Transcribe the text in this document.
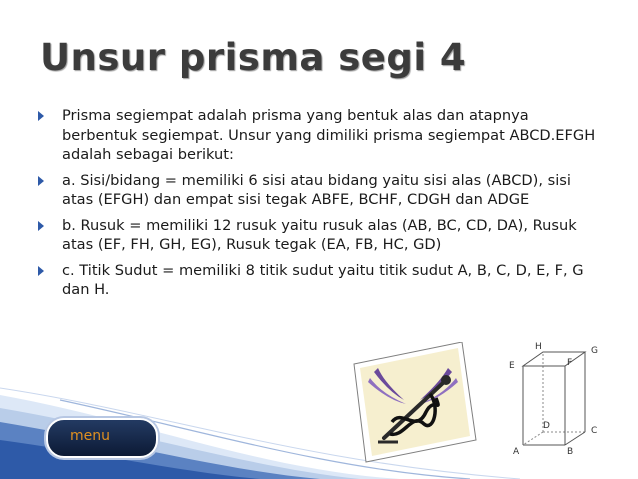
Unsur prisma segi 4
Prisma segiempat adalah prisma yang bentuk alas dan atapnya berbentuk segiempat. Unsur yang dimiliki prisma segiempat ABCD.EFGH adalah sebagai berikut:
a. Sisi/bidang = memiliki 6 sisi atau bidang yaitu sisi alas (ABCD), sisi atas (EFGH) dan empat sisi tegak ABFE, BCHF, CDGH dan ADGE
b. Rusuk = memiliki 12 rusuk yaitu rusuk alas (AB, BC, CD, DA), Rusuk atas (EF, FH, GH, EG), Rusuk tegak (EA, FB, HC, GD)
c. Titik Sudut = memiliki 8 titik sudut yaitu titik sudut A, B, C, D, E, F, G dan H.
E
H	G
F
D	C
A	B
menu
